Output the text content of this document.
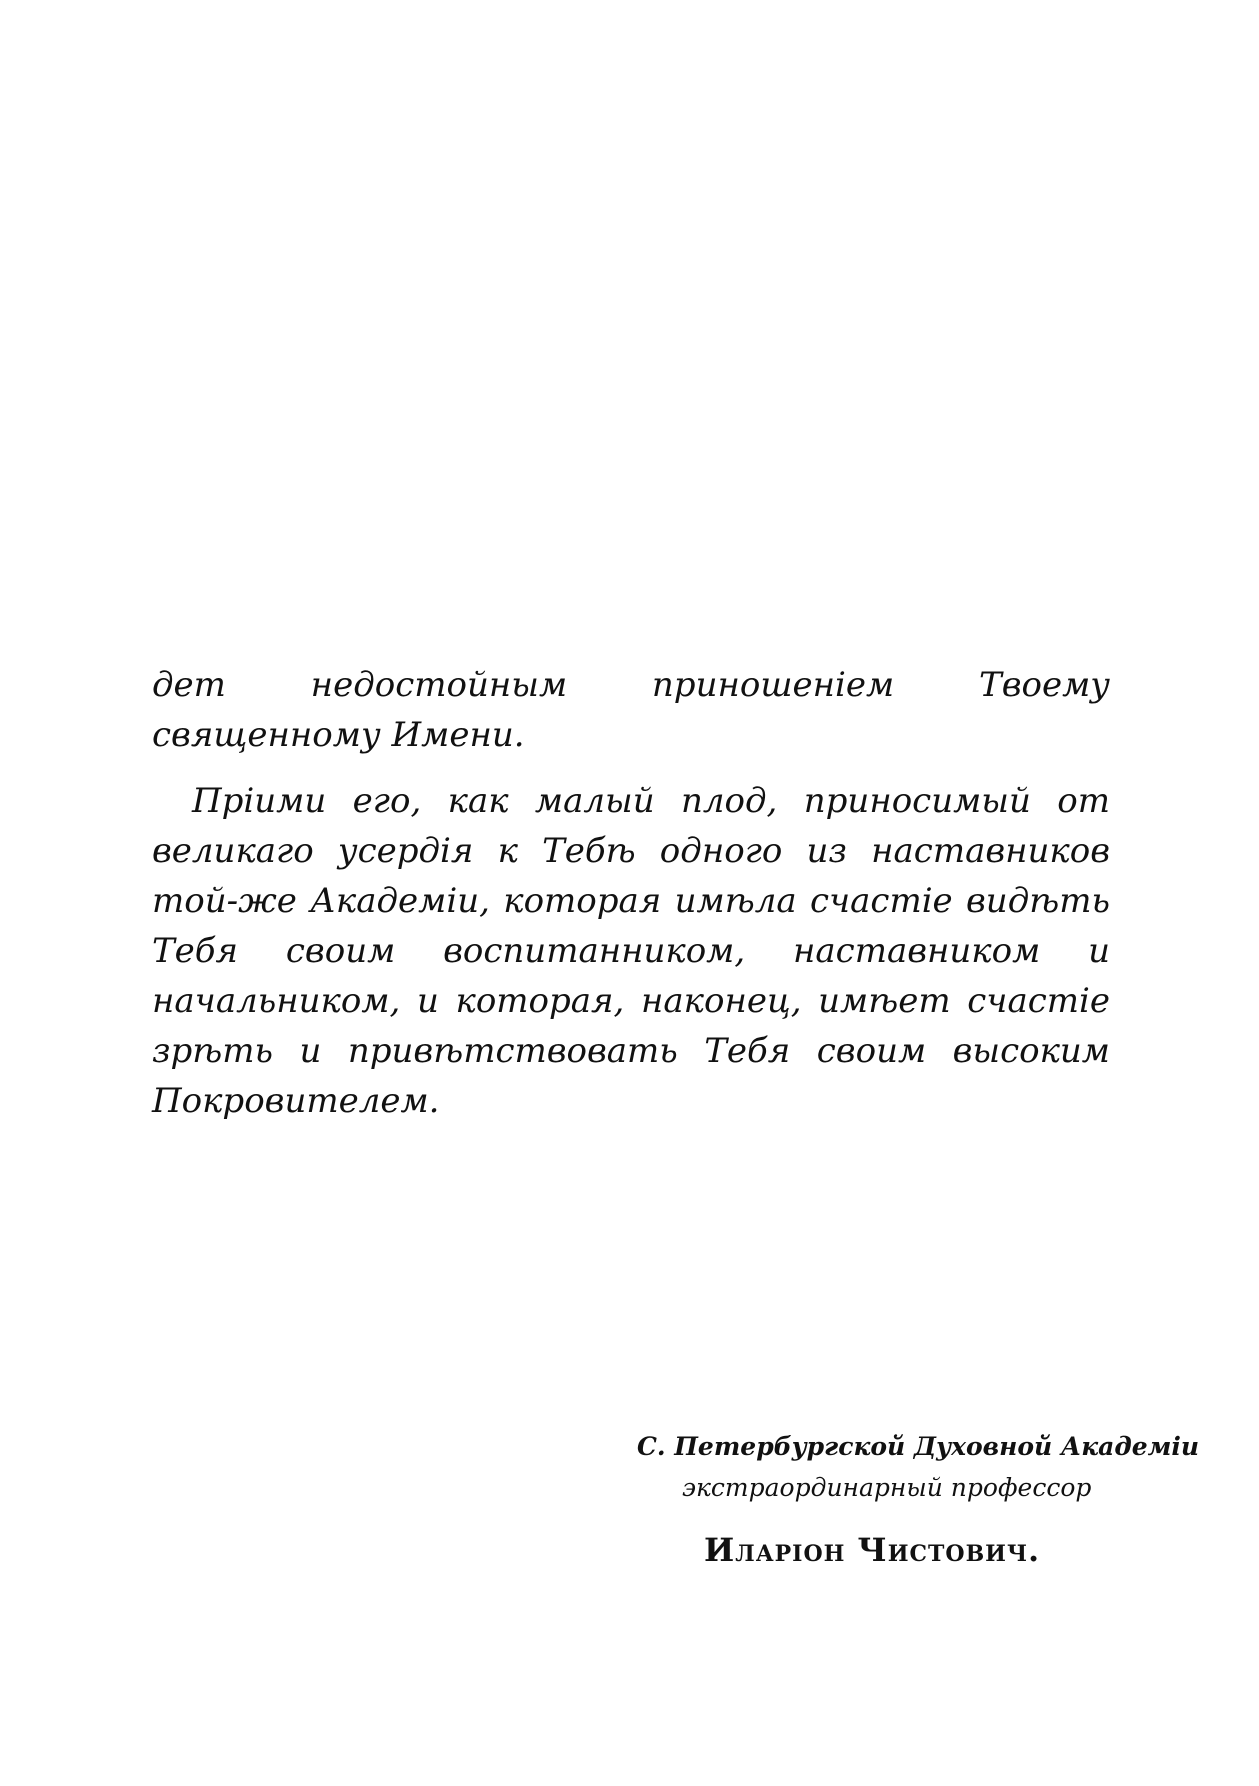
дет недостойным приношеніем Твоему священному Имени.

Пріими его, как малый плод, приносимый от великаго усердія к Тебѣ одного из наставников той-же Академіи, которая имѣла счастіе видѣть Тебя своим воспитанником, наставником и начальником, и которая, наконец, имѣет счастіе зрѣть и привѣтствовать Тебя своим высоким Покровителем.

С. Петербургской Духовной Академіи
экстраординарный профессор
Иларіон Чистович.
